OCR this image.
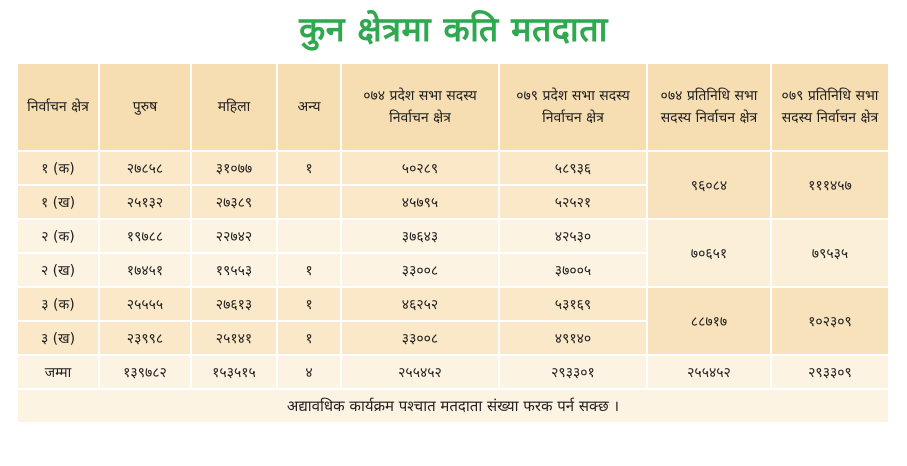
कुन क्षेत्रमा कति मतदाता
निर्वाचन क्षेत्र	पुरुष	महिला	अन्य	०७४ प्रदेश सभा सदस्य निर्वाचन क्षेत्र	०७९ प्रदेश सभा सदस्य निर्वाचन क्षेत्र	०७४ प्रतिनिधि सभा सदस्य निर्वाचन क्षेत्र	०७९ प्रतिनिधि सभा सदस्य निर्वाचन क्षेत्र
१ (क)	२७८५८	३१०७७	१	५०२८९	५८९३६	९६०८४	१११४५७
१ (ख)	२५१३२	२७३८९		४५७९५	५२५२१		
२ (क)	१९७८८	२२७४२		३७६४३	४२५३०	७०६५१	७९५३५
२ (ख)	१७४५१	१९५५३	१	३३००८	३७००५		
३ (क)	२५५५५	२७६१३	१	४६२५२	५३१६९	८८७१७	१०२३०९
३ (ख)	२३९९८	२५१४१	१	३३००८	४९१४०		
जम्मा	१३९७८२	१५३५१५	४	२५५४५२	२९३३०१	२५५४५२	२९३३०९
अद्यावधिक कार्यक्रम पश्चात मतदाता संख्या फरक पर्न सक्छ ।							
